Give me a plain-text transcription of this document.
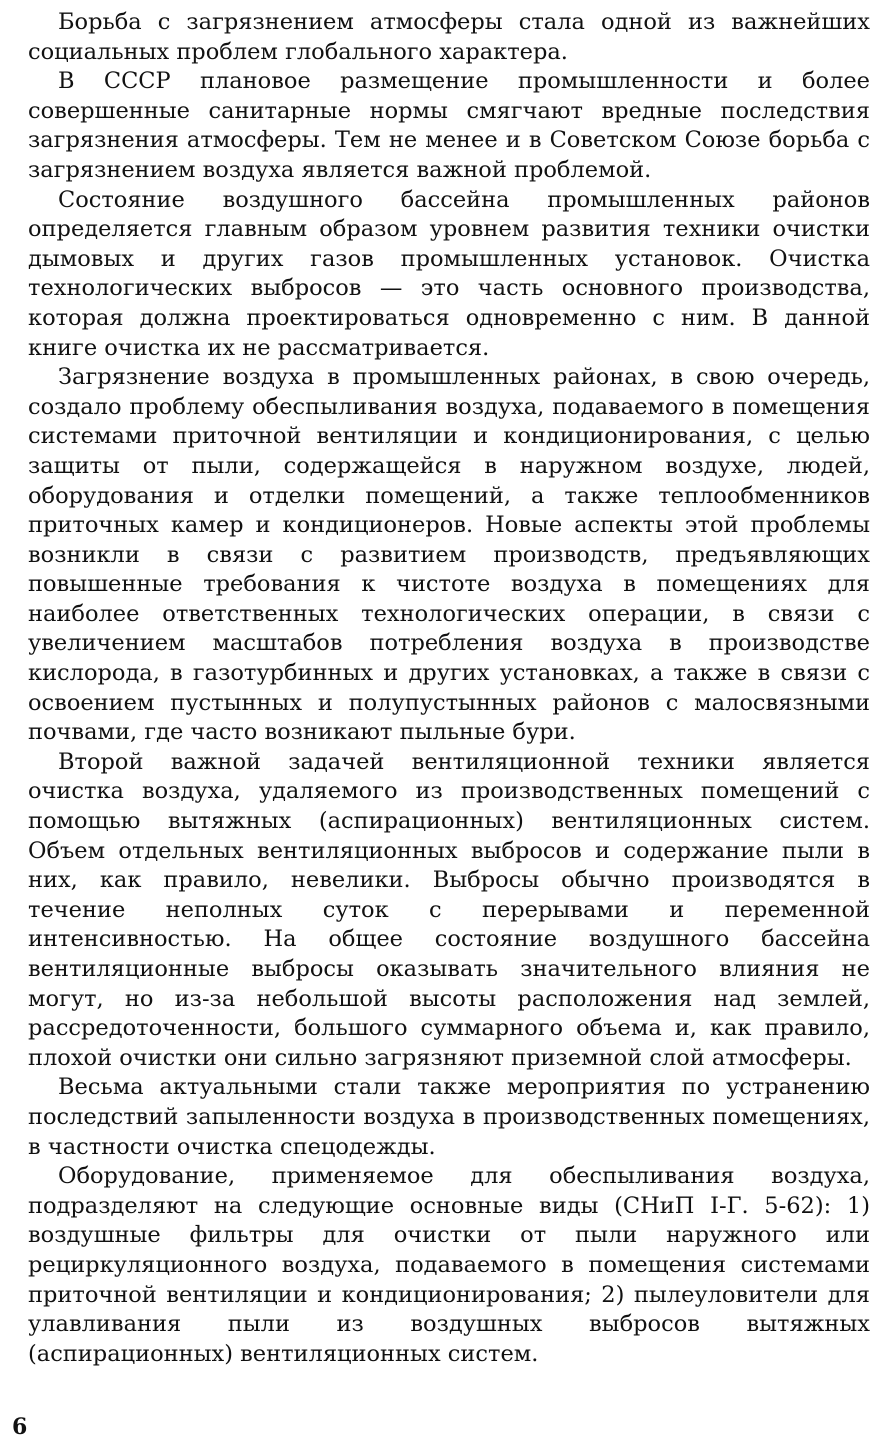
Борьба с загрязнением атмосферы стала одной из важнейших социальных проблем глобального характера.

В СССР плановое размещение промышленности и более совершенные санитарные нормы смягчают вредные последствия загрязнения атмосферы. Тем не менее и в Советском Союзе борьба с загрязнением воздуха является важной проблемой.

Состояние воздушного бассейна промышленных районов определяется главным образом уровнем развития техники очистки дымовых и других газов промышленных установок. Очистка технологических выбросов — это часть основного производства, которая должна проектироваться одновременно с ним. В данной книге очистка их не рассматривается.

Загрязнение воздуха в промышленных районах, в свою очередь, создало проблему обеспыливания воздуха, подаваемого в помещения системами приточной вентиляции и кондиционирования, с целью защиты от пыли, содержащейся в наружном воздухе, людей, оборудования и отделки помещений, а также теплообменников приточных камер и кондиционеров. Новые аспекты этой проблемы возникли в связи с развитием производств, предъявляющих повышенные требования к чистоте воздуха в помещениях для наиболее ответственных технологических операции, в связи с увеличением масштабов потребления воздуха в производстве кислорода, в газотурбинных и других установках, а также в связи с освоением пустынных и полупустынных районов с малосвязными почвами, где часто возникают пыльные бури.

Второй важной задачей вентиляционной техники является очистка воздуха, удаляемого из производственных помещений с помощью вытяжных (аспирационных) вентиляционных систем. Объем отдельных вентиляционных выбросов и содержание пыли в них, как правило, невелики. Выбросы обычно производятся в течение неполных суток с перерывами и переменной интенсивностью. На общее состояние воздушного бассейна вентиляционные выбросы оказывать значительного влияния не могут, но из-за небольшой высоты расположения над землей, рассредоточенности, большого суммарного объема и, как правило, плохой очистки они сильно загрязняют приземной слой атмосферы.

Весьма актуальными стали также мероприятия по устранению последствий запыленности воздуха в производственных помещениях, в частности очистка спецодежды.

Оборудование, применяемое для обеспыливания воздуха, подразделяют на следующие основные виды (СНиП I-Г. 5-62): 1) воздушные фильтры для очистки от пыли наружного или рециркуляционного воздуха, подаваемого в помещения системами приточной вентиляции и кондиционирования; 2) пылеуловители для улавливания пыли из воздушных выбросов вытяжных (аспирационных) вентиляционных систем.

6
